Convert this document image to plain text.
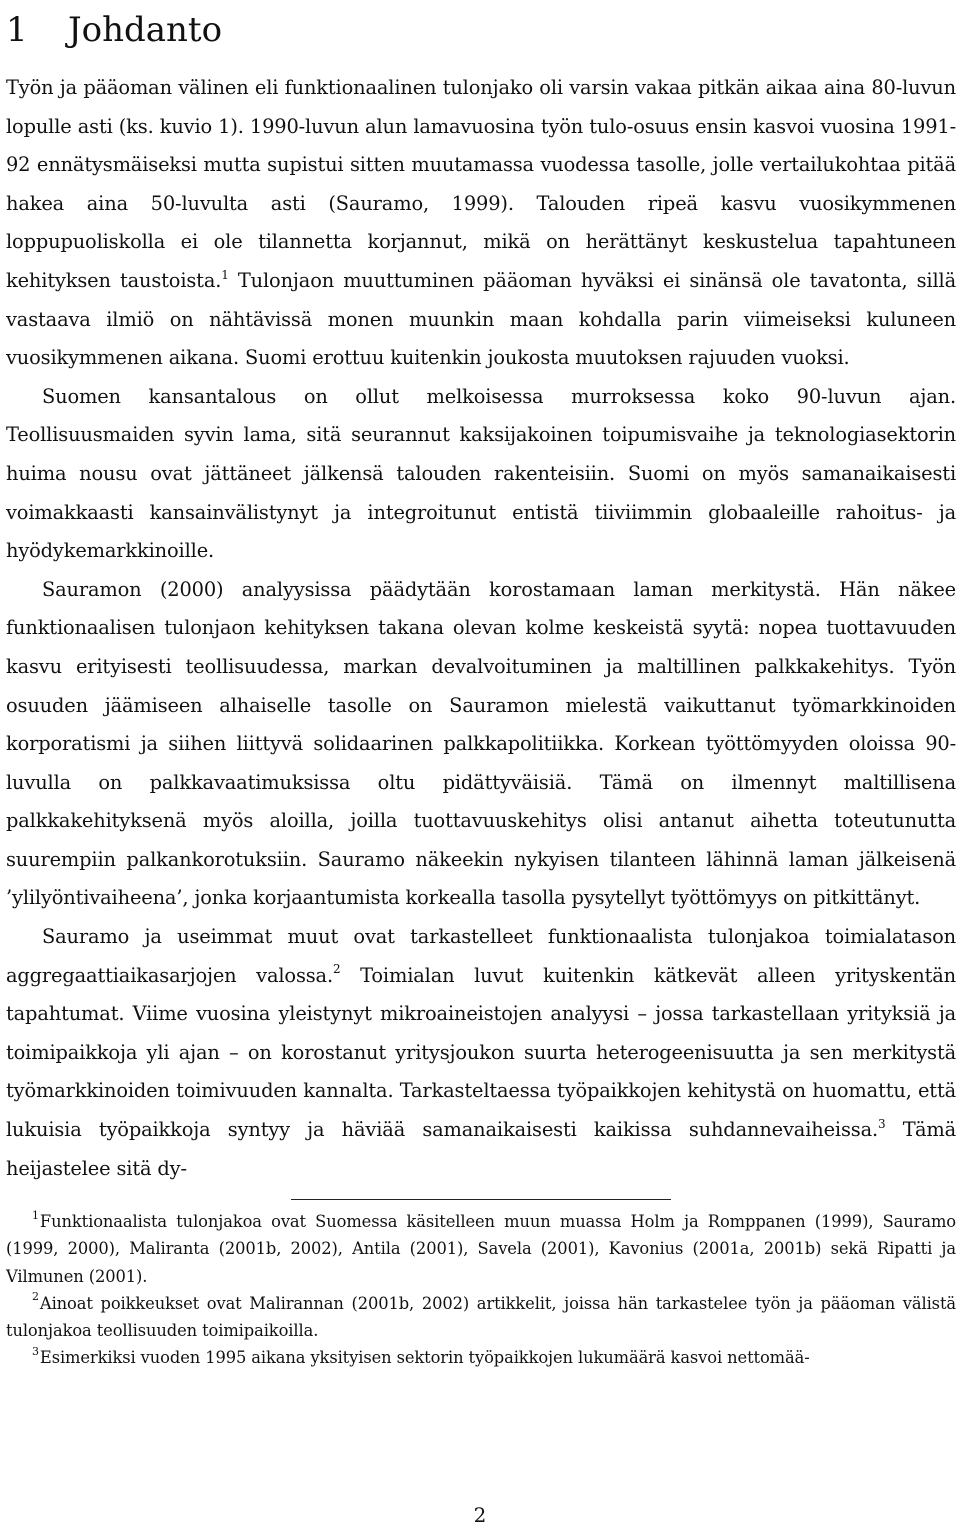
1	Johdanto

Työn ja pääoman välinen eli funktionaalinen tulonjako oli varsin vakaa pitkän aikaa aina 80-luvun lopulle asti (ks. kuvio 1). 1990-luvun alun lamavuosina työn tulo-osuus ensin kasvoi vuosina 1991-92 ennätysmäiseksi mutta supistui sitten muutamassa vuodessa tasolle, jolle vertailukohtaa pitää hakea aina 50-luvulta asti (Sauramo, 1999). Talouden ripeä kasvu vuosikymmenen loppupuoliskolla ei ole tilannetta korjannut, mikä on herättänyt keskustelua tapahtuneen kehityksen taustoista.$^1$ Tulonjaon muuttuminen pääoman hyväksi ei sinänsä ole tavatonta, sillä vastaava ilmiö on nähtävissä monen muunkin maan kohdalla parin viimeiseksi kuluneen vuosikymmenen aikana. Suomi erottuu kuitenkin joukosta muutoksen rajuuden vuoksi.

Suomen kansantalous on ollut melkoisessa murroksessa koko 90-luvun ajan. Teollisuusmaiden syvin lama, sitä seurannut kaksijakoinen toipumisvaihe ja teknologiasektorin huima nousu ovat jättäneet jälkensä talouden rakenteisiin. Suomi on myös samanaikaisesti voimakkaasti kansainvälistynyt ja integroitunut entistä tiiviimmin globaaleille rahoitus- ja hyödykemarkkinoille.

Sauramon (2000) analyysissa päädytään korostamaan laman merkitystä. Hän näkee funktionaalisen tulonjaon kehityksen takana olevan kolme keskeistä syytä: nopea tuottavuuden kasvu erityisesti teollisuudessa, markan devalvoituminen ja maltillinen palkkakehitys. Työn osuuden jäämiseen alhaiselle tasolle on Sauramon mielestä vaikuttanut työmarkkinoiden korporatismi ja siihen liittyvä solidaarinen palkkapolitiikka. Korkean työttömyyden oloissa 90-luvulla on palkkavaatimuksissa oltu pidättyväisiä. Tämä on ilmennyt maltillisena palkkakehityksenä myös aloilla, joilla tuottavuuskehitys olisi antanut aihetta toteutunutta suurempiin palkankorotuksiin. Sauramo näkeekin nykyisen tilanteen lähinnä laman jälkeisenä ’ylilyöntivaiheena’, jonka korjaantumista korkealla tasolla pysytellyt työttömyys on pitkittänyt.

Sauramo ja useimmat muut ovat tarkastelleet funktionaalista tulonjakoa toimialatason aggregaattiaikasarjojen valossa.$^2$ Toimialan luvut kuitenkin kätkevät alleen yrityskentän tapahtumat. Viime vuosina yleistynyt mikroaineistojen analyysi – jossa tarkastellaan yrityksiä ja toimipaikkoja yli ajan – on korostanut yritysjoukon suurta heterogeenisuutta ja sen merkitystä työmarkkinoiden toimivuuden kannalta. Tarkasteltaessa työpaikkojen kehitystä on huomattu, että lukuisia työpaikkoja syntyy ja häviää samanaikaisesti kaikissa suhdannevaiheissa.$^3$ Tämä heijastelee sitä dy-

$^1$Funktionaalista tulonjakoa ovat Suomessa käsitelleen muun muassa Holm ja Romppanen (1999), Sauramo (1999, 2000), Maliranta (2001b, 2002), Antila (2001), Savela (2001), Kavonius (2001a, 2001b) sekä Ripatti ja Vilmunen (2001).

$^2$Ainoat poikkeukset ovat Malirannan (2001b, 2002) artikkelit, joissa hän tarkastelee työn ja pääoman välistä tulonjakoa teollisuuden toimipaikoilla.

$^3$Esimerkiksi vuoden 1995 aikana yksityisen sektorin työpaikkojen lukumäärä kasvoi nettomää-

2
